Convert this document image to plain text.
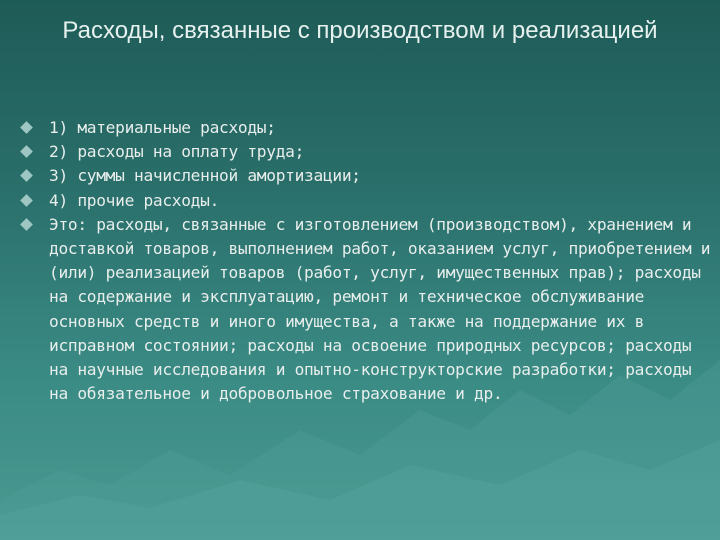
Расходы, связанные с производством и реализацией
1) материальные расходы;
2) расходы на оплату труда;
3) суммы начисленной амортизации;
4) прочие расходы.
Это: расходы, связанные с изготовлением (производством), хранением и доставкой товаров, выполнением работ, оказанием услуг, приобретением и (или) реализацией товаров (работ, услуг, имущественных прав); расходы на содержание и эксплуатацию, ремонт и техническое обслуживание основных средств и иного имущества, а также на поддержание их в исправном состоянии; расходы на освоение природных ресурсов; расходы на научные исследования и опытно-конструкторские разработки; расходы на обязательное и добровольное страхование и др.
